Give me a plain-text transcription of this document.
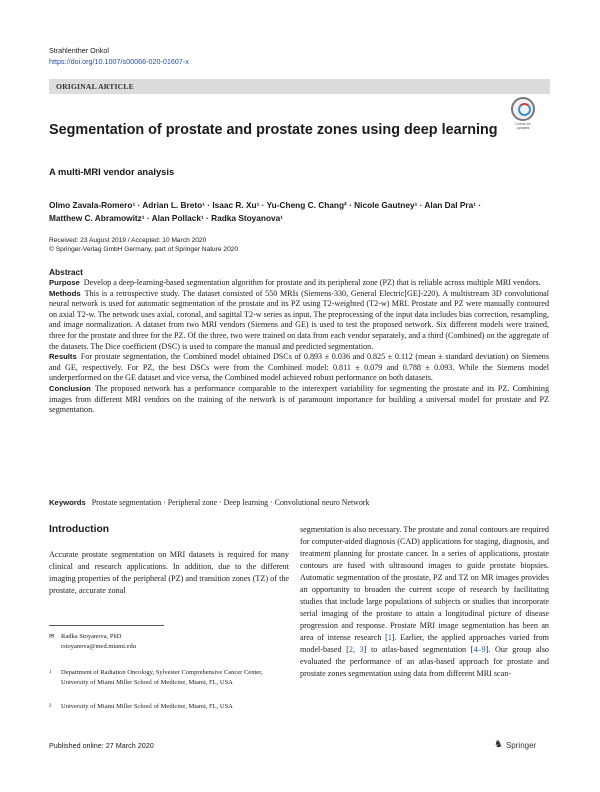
Strahlenther Onkol
https://doi.org/10.1007/s00066-020-01607-x
ORIGINAL ARTICLE
Check for updates
Segmentation of prostate and prostate zones using deep learning
A multi-MRI vendor analysis
Olmo Zavala-Romero¹ · Adrian L. Breto¹ · Isaac R. Xu¹ · Yu-Cheng C. Chang² · Nicole Gautney¹ · Alan Dal Pra¹ ·
Matthew C. Abramowitz¹ · Alan Pollack¹ · Radka Stoyanova¹
Received: 23 August 2019 / Accepted: 10 March 2020
© Springer-Verlag GmbH Germany, part of Springer Nature 2020
Abstract

Purpose Develop a deep-learning-based segmentation algorithm for prostate and its peripheral zone (PZ) that is reliable across multiple MRI vendors.

Methods This is a retrospective study. The dataset consisted of 550 MRIs (Siemens-330, General Electric[GE]-220). A multistream 3D convolutional neural network is used for automatic segmentation of the prostate and its PZ using T2-weighted (T2-w) MRI. Prostate and PZ were manually contoured on axial T2-w. The network uses axial, coronal, and sagittal T2-w series as input. The preprocessing of the input data includes bias correction, resampling, and image normalization. A dataset from two MRI vendors (Siemens and GE) is used to test the proposed network. Six different models were trained, three for the prostate and three for the PZ. Of the three, two were trained on data from each vendor separately, and a third (Combined) on the aggregate of the datasets. The Dice coefficient (DSC) is used to compare the manual and predicted segmentation.

Results For prostate segmentation, the Combined model obtained DSCs of 0.893 ± 0.036 and 0.825 ± 0.112 (mean ± standard deviation) on Siemens and GE, respectively. For PZ, the best DSCs were from the Combined model: 0.811 ± 0.079 and 0.788 ± 0.093. While the Siemens model underperformed on the GE dataset and vice versa, the Combined model achieved robust performance on both datasets.

Conclusion The proposed network has a performance comparable to the interexpert variability for segmenting the prostate and its PZ. Combining images from different MRI vendors on the training of the network is of paramount importance for building a universal model for prostate and PZ segmentation.

Keywords Prostate segmentation · Peripheral zone · Deep learning · Convolutional neuro Network
Introduction

Accurate prostate segmentation on MRI datasets is required for many clinical and research applications. In addition, due to the different imaging properties of the peripheral (PZ) and transition zones (TZ) of the prostate, accurate zonal

segmentation is also necessary. The prostate and zonal contours are required for computer-aided diagnosis (CAD) applications for staging, diagnosis, and treatment planning for prostate cancer. In a series of applications, prostate contours are fused with ultrasound images to guide prostate biopsies. Automatic segmentation of the prostate, PZ and TZ on MR images provides an opportunity to broaden the current scope of research by facilitating studies that include large populations of subjects or studies that incorporate serial imaging of the prostate to attain a longitudinal picture of disease progression and response. Prostate MRI image segmentation has been an area of intense research [1]. Earlier, the applied approaches varied from model-based [2, 3] to atlas-based segmentation [4–9]. Our group also evaluated the performance of an atlas-based approach for prostate and prostate zones segmentation using data from different MRI scan-

✉ Radka Stoyanova, PhD
rstoyanova@med.miami.edu
1	Department of Radiation Oncology, Sylvester Comprehensive Cancer Center, University of Miami Miller School of Medicine, Miami, FL, USA
2	University of Miami Miller School of Medicine, Miami, FL, USA
Published online: 27 March 2020	♞ Springer
